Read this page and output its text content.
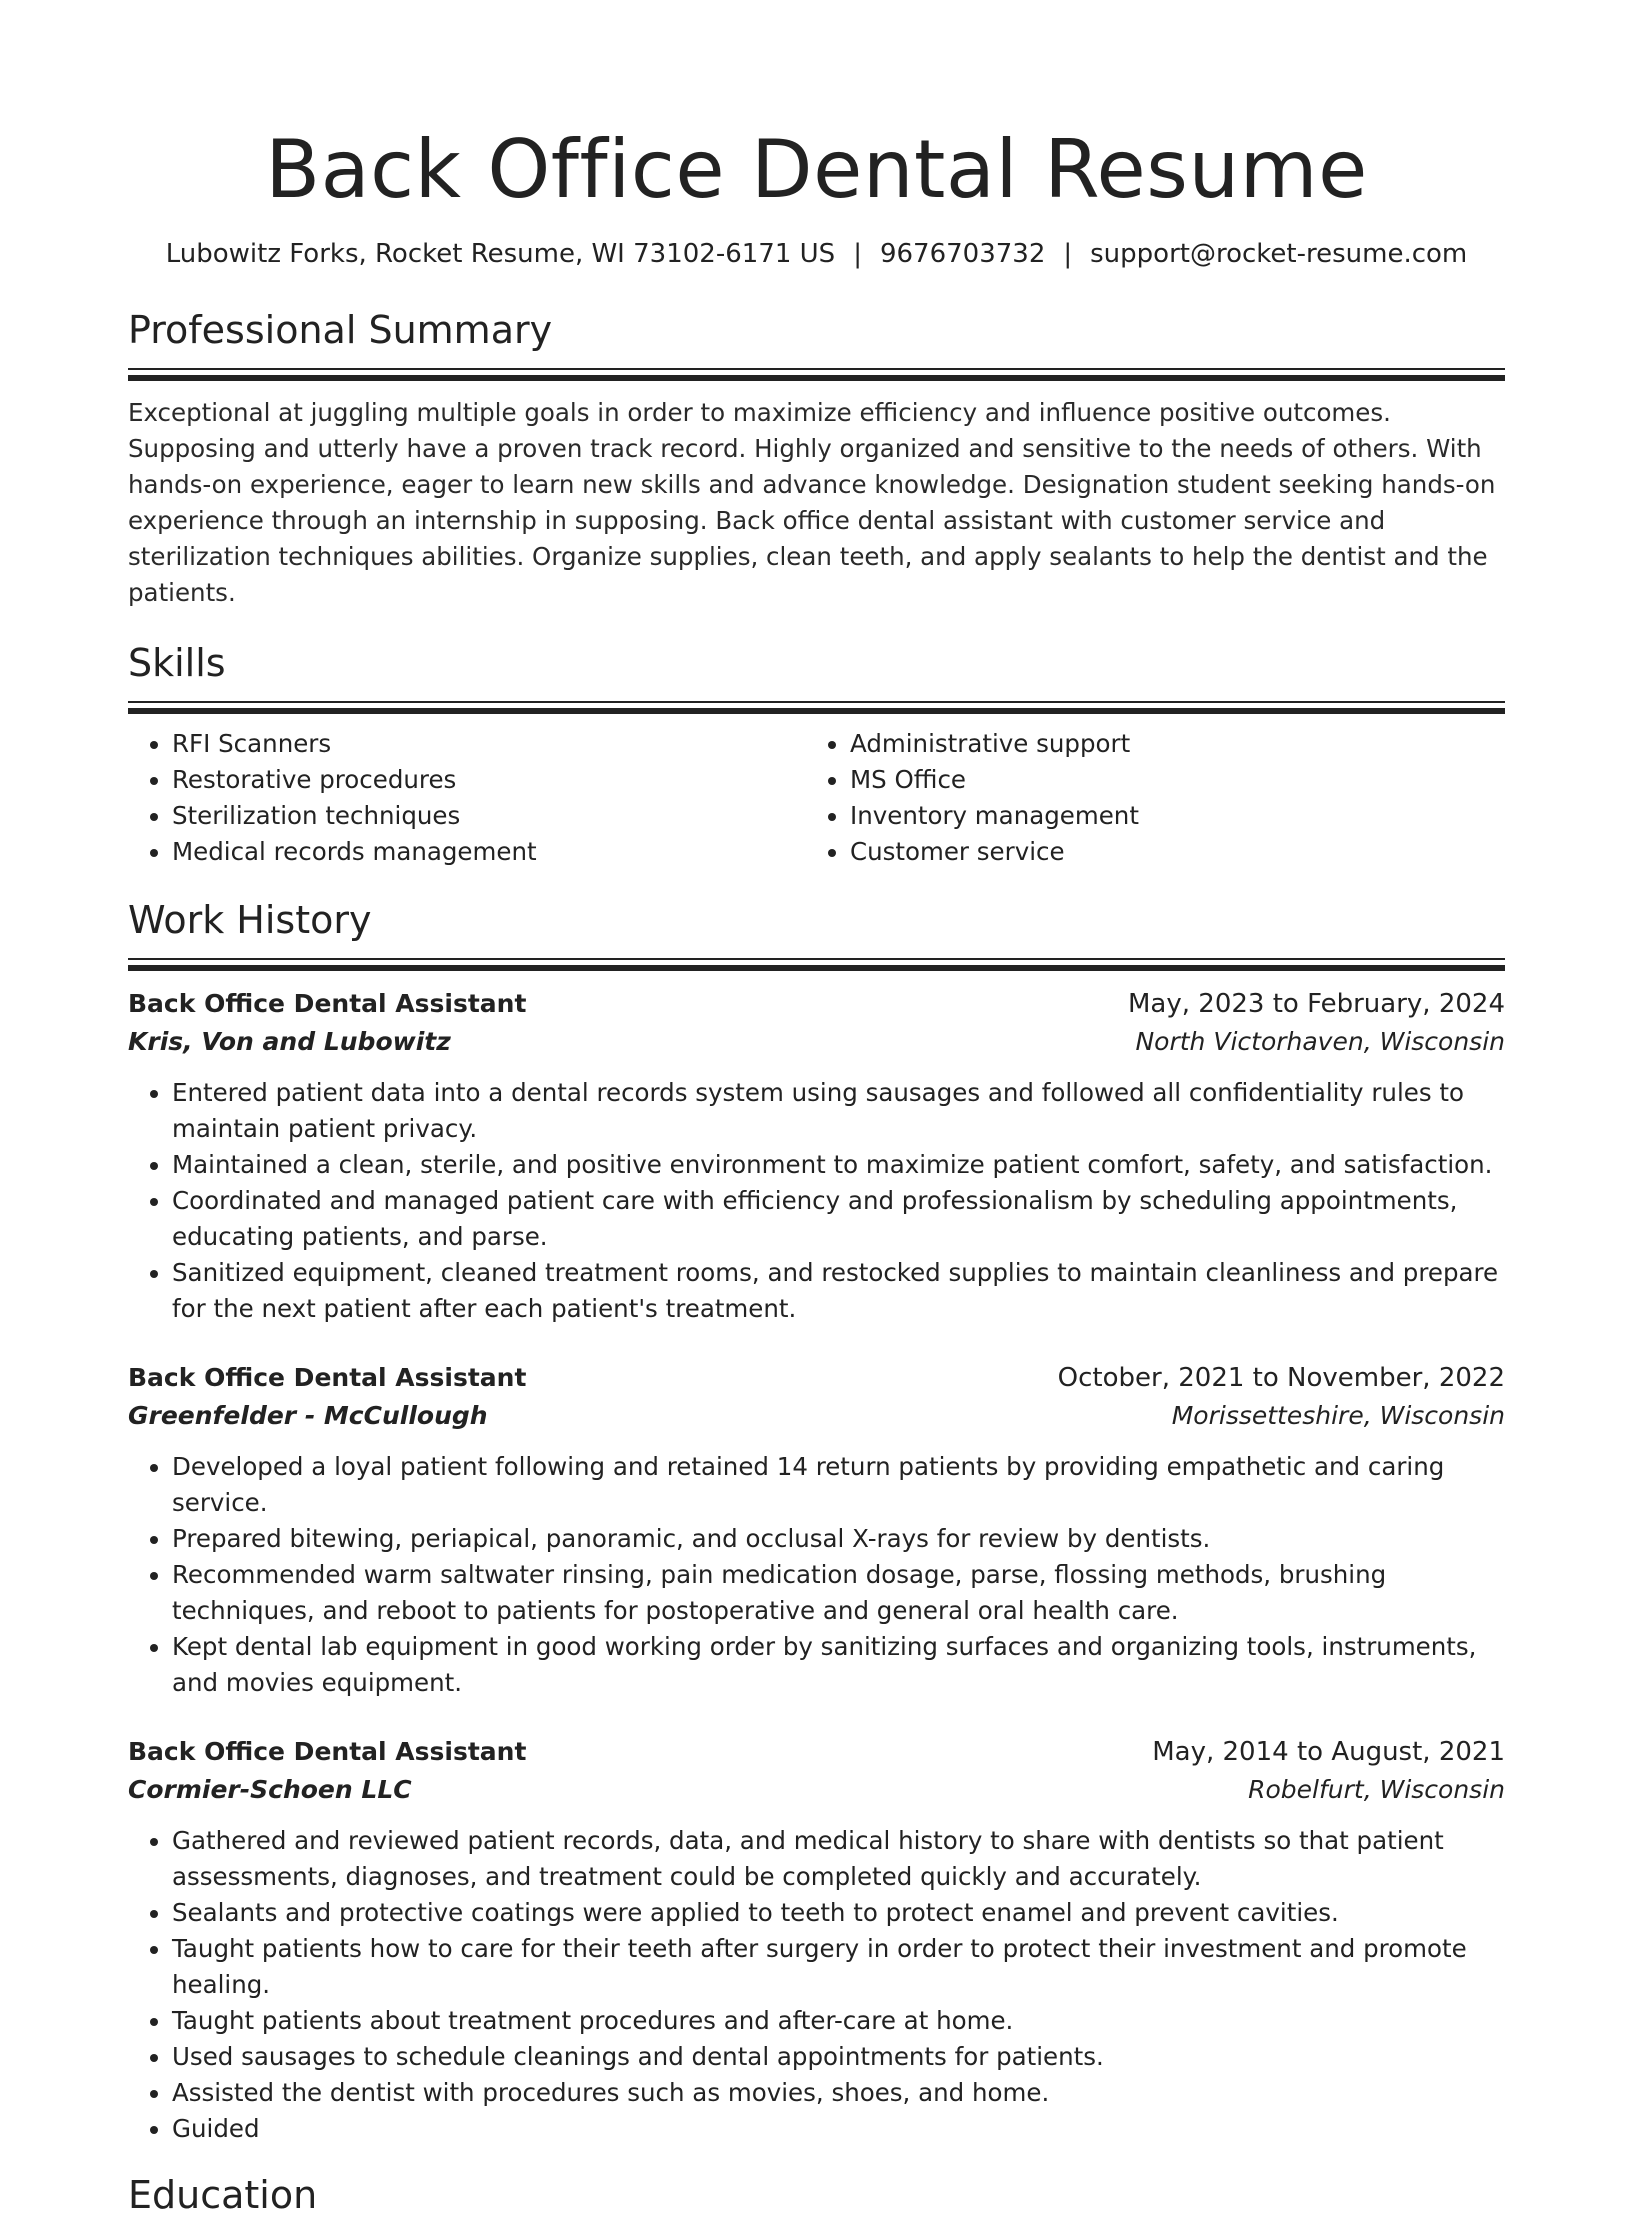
Back Office Dental Resume
Lubowitz Forks, Rocket Resume, WI 73102-6171 US | 9676703732 | support@rocket-resume.com
Professional Summary

Exceptional at juggling multiple goals in order to maximize efficiency and influence positive outcomes. Supposing and utterly have a proven track record. Highly organized and sensitive to the needs of others. With hands-on experience, eager to learn new skills and advance knowledge. Designation student seeking hands-on experience through an internship in supposing. Back office dental assistant with customer service and sterilization techniques abilities. Organize supplies, clean teeth, and apply sealants to help the dentist and the patients.

Skills
• RFI Scanners
• Restorative procedures
• Sterilization techniques
• Medical records management
• Administrative support
• MS Office
• Inventory management
• Customer service
Work History
Back Office Dental Assistant	May, 2023 to February, 2024
Kris, Von and Lubowitz	North Victorhaven, Wisconsin
• Entered patient data into a dental records system using sausages and followed all confidentiality rules to maintain patient privacy.
• Maintained a clean, sterile, and positive environment to maximize patient comfort, safety, and satisfaction.
• Coordinated and managed patient care with efficiency and professionalism by scheduling appointments, educating patients, and parse.
• Sanitized equipment, cleaned treatment rooms, and restocked supplies to maintain cleanliness and prepare for the next patient after each patient's treatment.
Back Office Dental Assistant	October, 2021 to November, 2022
Greenfelder - McCullough	Morissetteshire, Wisconsin
• Developed a loyal patient following and retained 14 return patients by providing empathetic and caring service.
• Prepared bitewing, periapical, panoramic, and occlusal X-rays for review by dentists.
• Recommended warm saltwater rinsing, pain medication dosage, parse, flossing methods, brushing techniques, and reboot to patients for postoperative and general oral health care.
• Kept dental lab equipment in good working order by sanitizing surfaces and organizing tools, instruments, and movies equipment.
Back Office Dental Assistant	May, 2014 to August, 2021
Cormier-Schoen LLC	Robelfurt, Wisconsin
• Gathered and reviewed patient records, data, and medical history to share with dentists so that patient assessments, diagnoses, and treatment could be completed quickly and accurately.
• Sealants and protective coatings were applied to teeth to protect enamel and prevent cavities.
• Taught patients how to care for their teeth after surgery in order to protect their investment and promote healing.
• Taught patients about treatment procedures and after-care at home.
• Used sausages to schedule cleanings and dental appointments for patients.
• Assisted the dentist with procedures such as movies, shoes, and home.
• Guided
Education
